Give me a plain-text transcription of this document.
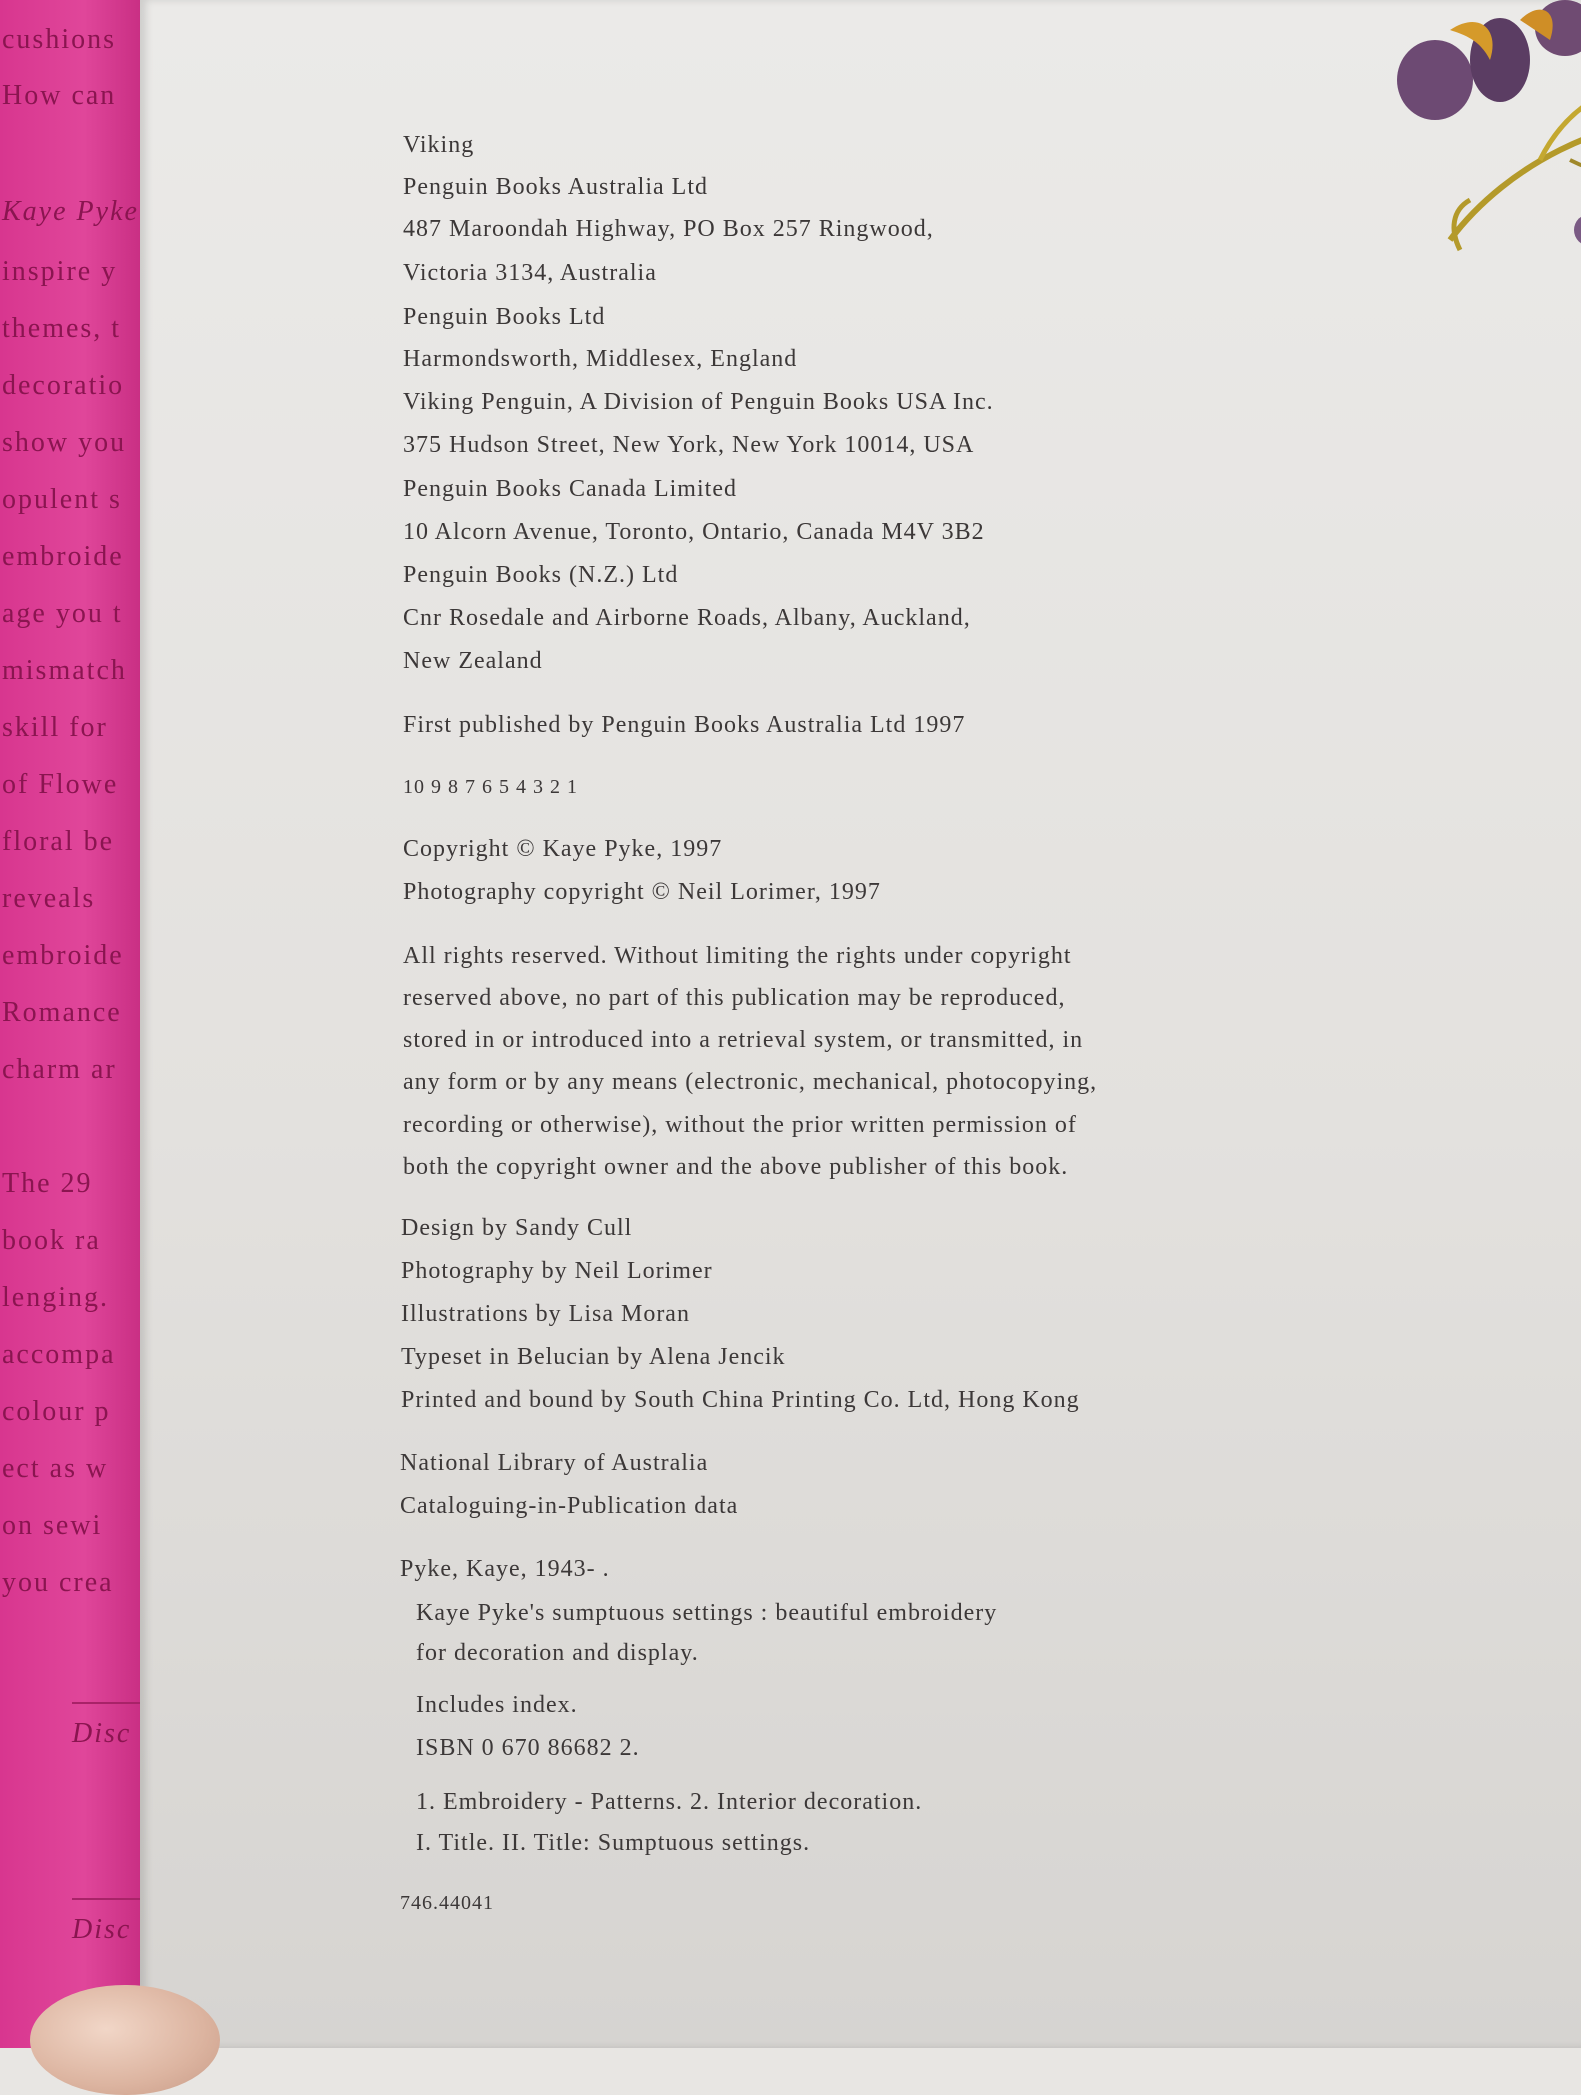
cushions
How can
Kaye Pyke
inspire y
themes, t
decoratio
show you
opulent s
embroide
age you t
mismatch
skill for
of Flowe
floral be
reveals
embroide
Romance
charm ar
The 29
book ra
lenging.
accompa
colour p
ect as w
on sewi
you crea
Disc
Disc
Viking
Penguin Books Australia Ltd
487 Maroondah Highway, PO Box 257 Ringwood,
Victoria 3134, Australia
Penguin Books Ltd
Harmondsworth, Middlesex, England
Viking Penguin, A Division of Penguin Books USA Inc.
375 Hudson Street, New York, New York 10014, USA
Penguin Books Canada Limited
10 Alcorn Avenue, Toronto, Ontario, Canada M4V 3B2
Penguin Books (N.Z.) Ltd
Cnr Rosedale and Airborne Roads, Albany, Auckland,
New Zealand
First published by Penguin Books Australia Ltd 1997
10 9 8 7 6 5 4 3 2 1
Copyright © Kaye Pyke, 1997
Photography copyright © Neil Lorimer, 1997
All rights reserved. Without limiting the rights under copyright
reserved above, no part of this publication may be reproduced,
stored in or introduced into a retrieval system, or transmitted, in
any form or by any means (electronic, mechanical, photocopying,
recording or otherwise), without the prior written permission of
both the copyright owner and the above publisher of this book.
Design by Sandy Cull
Photography by Neil Lorimer
Illustrations by Lisa Moran
Typeset in Belucian by Alena Jencik
Printed and bound by South China Printing Co. Ltd, Hong Kong
National Library of Australia
Cataloguing-in-Publication data
Pyke, Kaye, 1943- .
Kaye Pyke's sumptuous settings : beautiful embroidery
for decoration and display.
Includes index.
ISBN 0 670 86682 2.
1. Embroidery - Patterns. 2. Interior decoration.
I. Title. II. Title: Sumptuous settings.
746.44041
